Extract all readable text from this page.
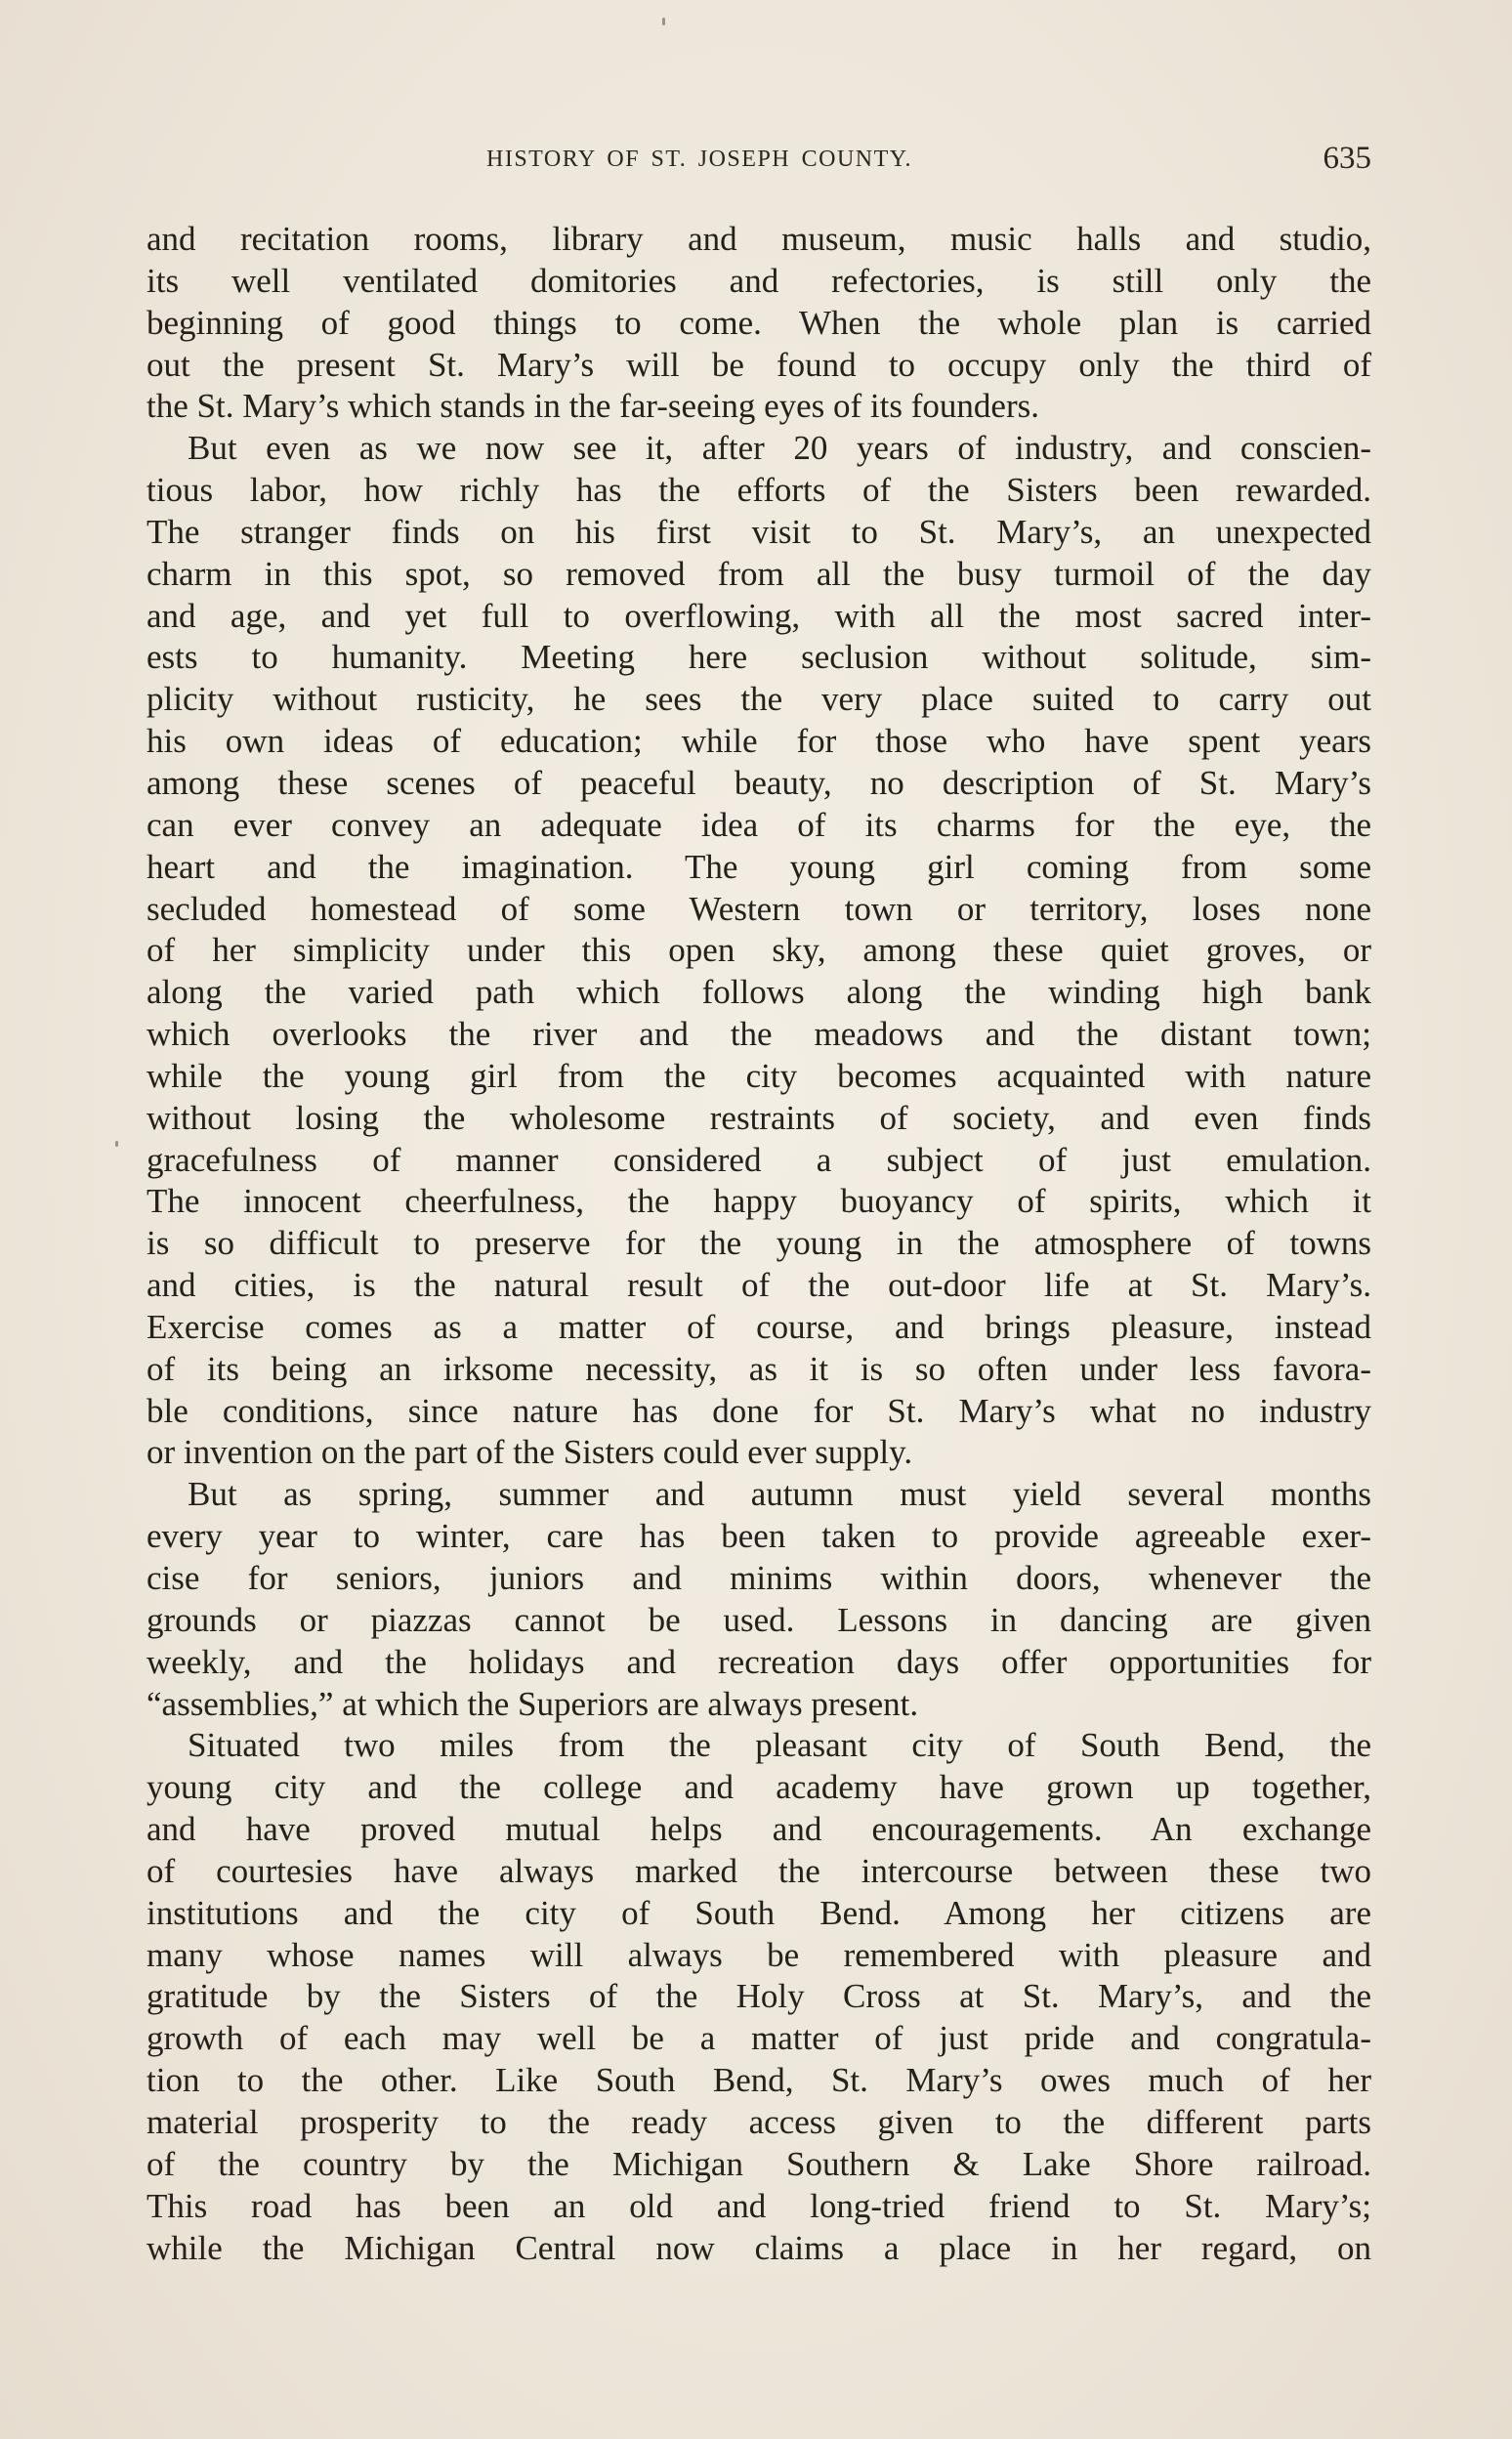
HISTORY OF ST. JOSEPH COUNTY.	635
and recitation rooms, library and museum, music halls and studio,
its well ventilated domitories and refectories, is still only the
beginning of good things to come. When the whole plan is carried
out the present St. Mary’s will be found to occupy only the third of
the St. Mary’s which stands in the far-seeing eyes of its founders.
But even as we now see it, after 20 years of industry, and conscien-
tious labor, how richly has the efforts of the Sisters been rewarded.
The stranger finds on his first visit to St. Mary’s, an unexpected
charm in this spot, so removed from all the busy turmoil of the day
and age, and yet full to overflowing, with all the most sacred inter-
ests to humanity. Meeting here seclusion without solitude, sim-
plicity without rusticity, he sees the very place suited to carry out
his own ideas of education; while for those who have spent years
among these scenes of peaceful beauty, no description of St. Mary’s
can ever convey an adequate idea of its charms for the eye, the
heart and the imagination. The young girl coming from some
secluded homestead of some Western town or territory, loses none
of her simplicity under this open sky, among these quiet groves, or
along the varied path which follows along the winding high bank
which overlooks the river and the meadows and the distant town;
while the young girl from the city becomes acquainted with nature
without losing the wholesome restraints of society, and even finds
gracefulness of manner considered a subject of just emulation.
The innocent cheerfulness, the happy buoyancy of spirits, which it
is so difficult to preserve for the young in the atmosphere of towns
and cities, is the natural result of the out-door life at St. Mary’s.
Exercise comes as a matter of course, and brings pleasure, instead
of its being an irksome necessity, as it is so often under less favora-
ble conditions, since nature has done for St. Mary’s what no industry
or invention on the part of the Sisters could ever supply.
But as spring, summer and autumn must yield several months
every year to winter, care has been taken to provide agreeable exer-
cise for seniors, juniors and minims within doors, whenever the
grounds or piazzas cannot be used. Lessons in dancing are given
weekly, and the holidays and recreation days offer opportunities for
“assemblies,” at which the Superiors are always present.
Situated two miles from the pleasant city of South Bend, the
young city and the college and academy have grown up together,
and have proved mutual helps and encouragements. An exchange
of courtesies have always marked the intercourse between these two
institutions and the city of South Bend. Among her citizens are
many whose names will always be remembered with pleasure and
gratitude by the Sisters of the Holy Cross at St. Mary’s, and the
growth of each may well be a matter of just pride and congratula-
tion to the other. Like South Bend, St. Mary’s owes much of her
material prosperity to the ready access given to the different parts
of the country by the Michigan Southern & Lake Shore railroad.
This road has been an old and long-tried friend to St. Mary’s;
while the Michigan Central now claims a place in her regard, on
